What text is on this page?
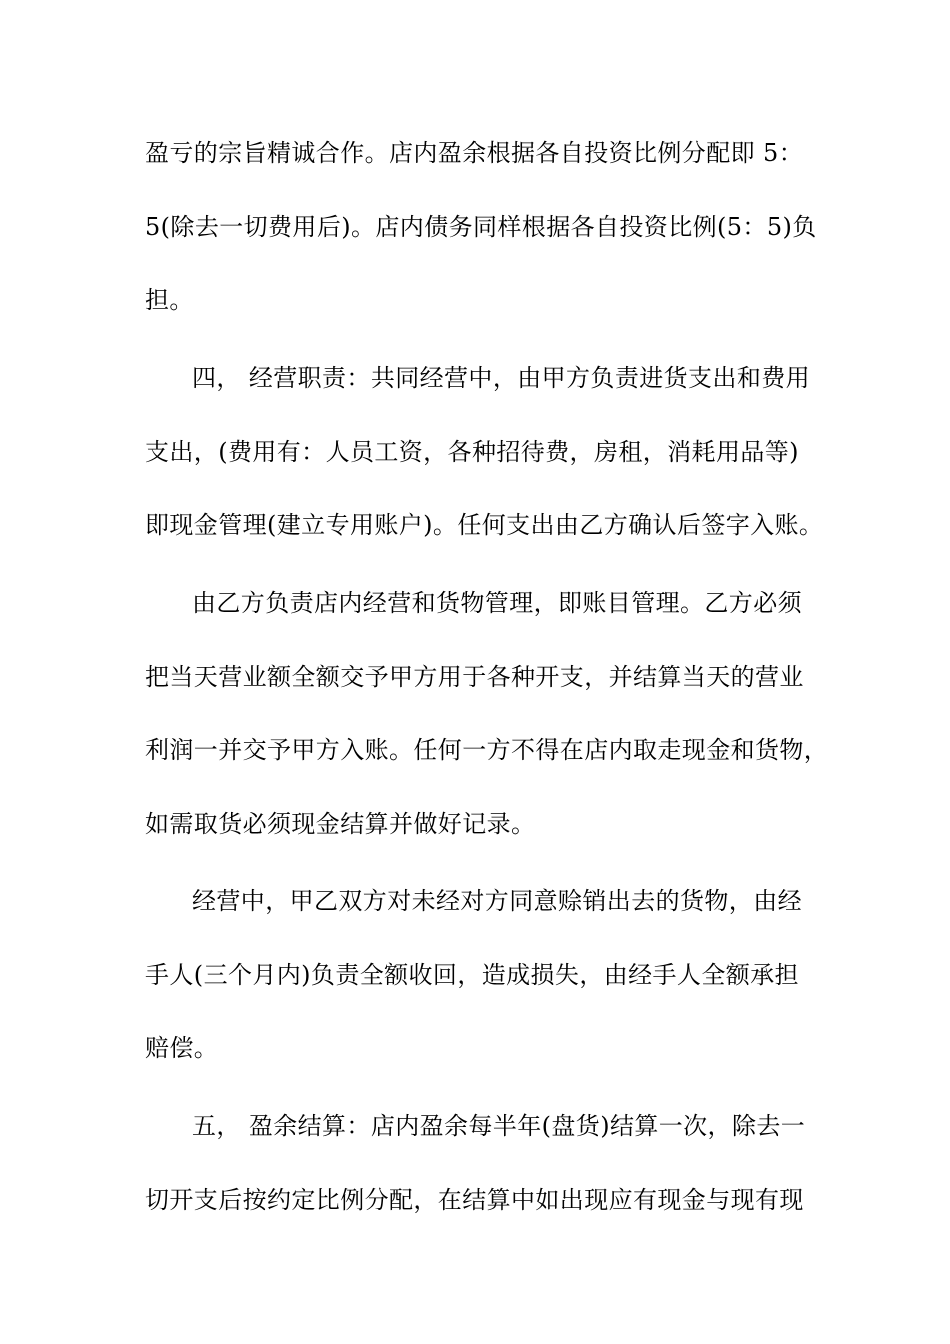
盈亏的宗旨精诚合作。店内盈余根据各自投资比例分配即 5：
5(除去一切费用后)。店内债务同样根据各自投资比例(5：5)负
担。
四， 经营职责：共同经营中，由甲方负责进货支出和费用
支出，(费用有：人员工资，各种招待费，房租，消耗用品等)
即现金管理(建立专用账户)。任何支出由乙方确认后签字入账。
由乙方负责店内经营和货物管理，即账目管理。乙方必须
把当天营业额全额交予甲方用于各种开支，并结算当天的营业
利润一并交予甲方入账。任何一方不得在店内取走现金和货物，
如需取货必须现金结算并做好记录。
经营中，甲乙双方对未经对方同意赊销出去的货物，由经
手人(三个月内)负责全额收回，造成损失，由经手人全额承担
赔偿。
五， 盈余结算：店内盈余每半年(盘货)结算一次，除去一
切开支后按约定比例分配，在结算中如出现应有现金与现有现
